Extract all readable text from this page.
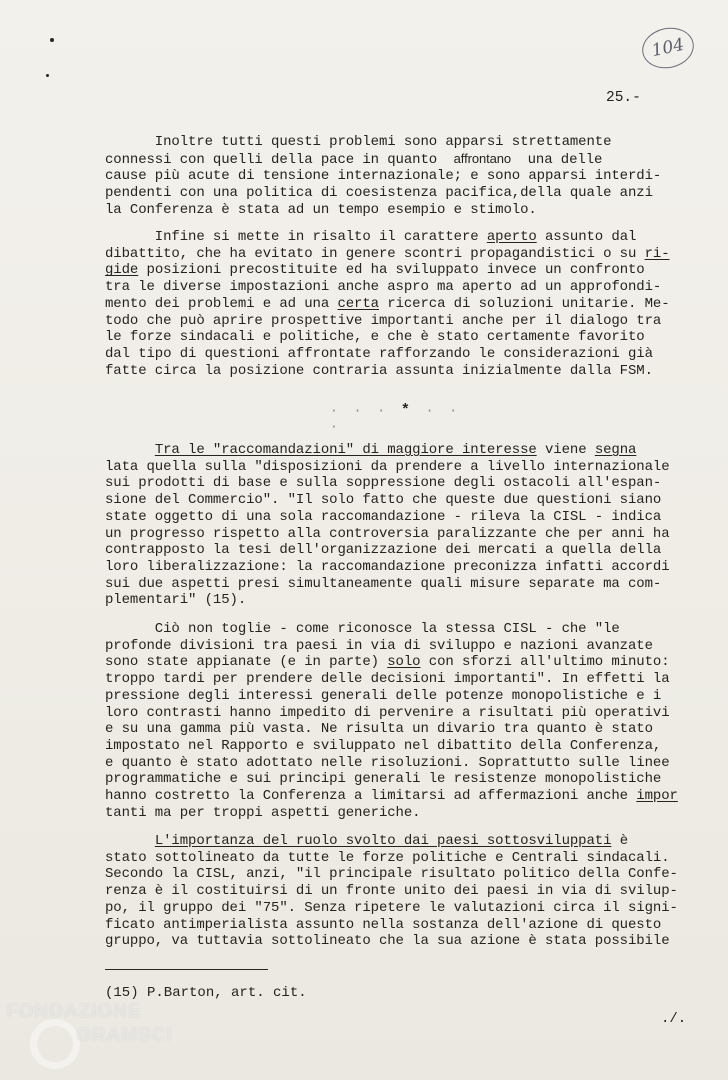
104
25.-

Inoltre tutti questi problemi sono apparsi strettamente
connessi con quelli della pace in quanto  affrontano  una delle
cause più acute di tensione internazionale; e sono apparsi interdi-
pendenti con una politica di coesistenza pacifica,della quale anzi
la Conferenza è stata ad un tempo esempio e stimolo.

Infine si mette in risalto il carattere aperto assunto dal
dibattito, che ha evitato in genere scontri propagandistici o su ri-
gide posizioni precostituite ed ha sviluppato invece un confronto
tra le diverse impostazioni anche aspro ma aperto ad un approfondi-
mento dei problemi e ad una certa ricerca di soluzioni unitarie. Me-
todo che può aprire prospettive importanti anche per il dialogo tra
le forze sindacali e politiche, e che è stato certamente favorito
dal tipo di questioni affrontate rafforzando le considerazioni già
fatte circa la posizione contraria assunta inizialmente dalla FSM.

· · · * · · ·

Tra le "raccomandazioni" di maggiore interesse viene segna
lata quella sulla "disposizioni da prendere a livello internazionale
sui prodotti di base e sulla soppressione degli ostacoli all'espan-
sione del Commercio". "Il solo fatto che queste due questioni siano
state oggetto di una sola raccomandazione - rileva la CISL - indica
un progresso rispetto alla controversia paralizzante che per anni ha
contrapposto la tesi dell'organizzazione dei mercati a quella della
loro liberalizzazione: la raccomandazione preconizza infatti accordi
sui due aspetti presi simultaneamente quali misure separate ma com-
plementari" (15).

Ciò non toglie - come riconosce la stessa CISL - che "le
profonde divisioni tra paesi in via di sviluppo e nazioni avanzate
sono state appianate (e in parte) solo con sforzi all'ultimo minuto:
troppo tardi per prendere delle decisioni importanti". In effetti la
pressione degli interessi generali delle potenze monopolistiche e i
loro contrasti hanno impedito di pervenire a risultati più operativi
e su una gamma più vasta. Ne risulta un divario tra quanto è stato
impostato nel Rapporto e sviluppato nel dibattito della Conferenza,
e quanto è stato adottato nelle risoluzioni. Soprattutto sulle linee
programmatiche e sui principi generali le resistenze monopolistiche
hanno costretto la Conferenza a limitarsi ad affermazioni anche impor
tanti ma per troppi aspetti generiche.

L'importanza del ruolo svolto dai paesi sottosviluppati è
stato sottolineato da tutte le forze politiche e Centrali sindacali.
Secondo la CISL, anzi, "il principale risultato politico della Confe-
renza è il costituirsi di un fronte unito dei paesi in via di svilup-
po, il gruppo dei "75". Senza ripetere le valutazioni circa il signi-
ficato antimperialista assunto nella sostanza dell'azione di questo
gruppo, va tuttavia sottolineato che la sua azione è stata possibile

(15) P.Barton, art. cit.
./.
FONDAZIONE
GRAMSCI
